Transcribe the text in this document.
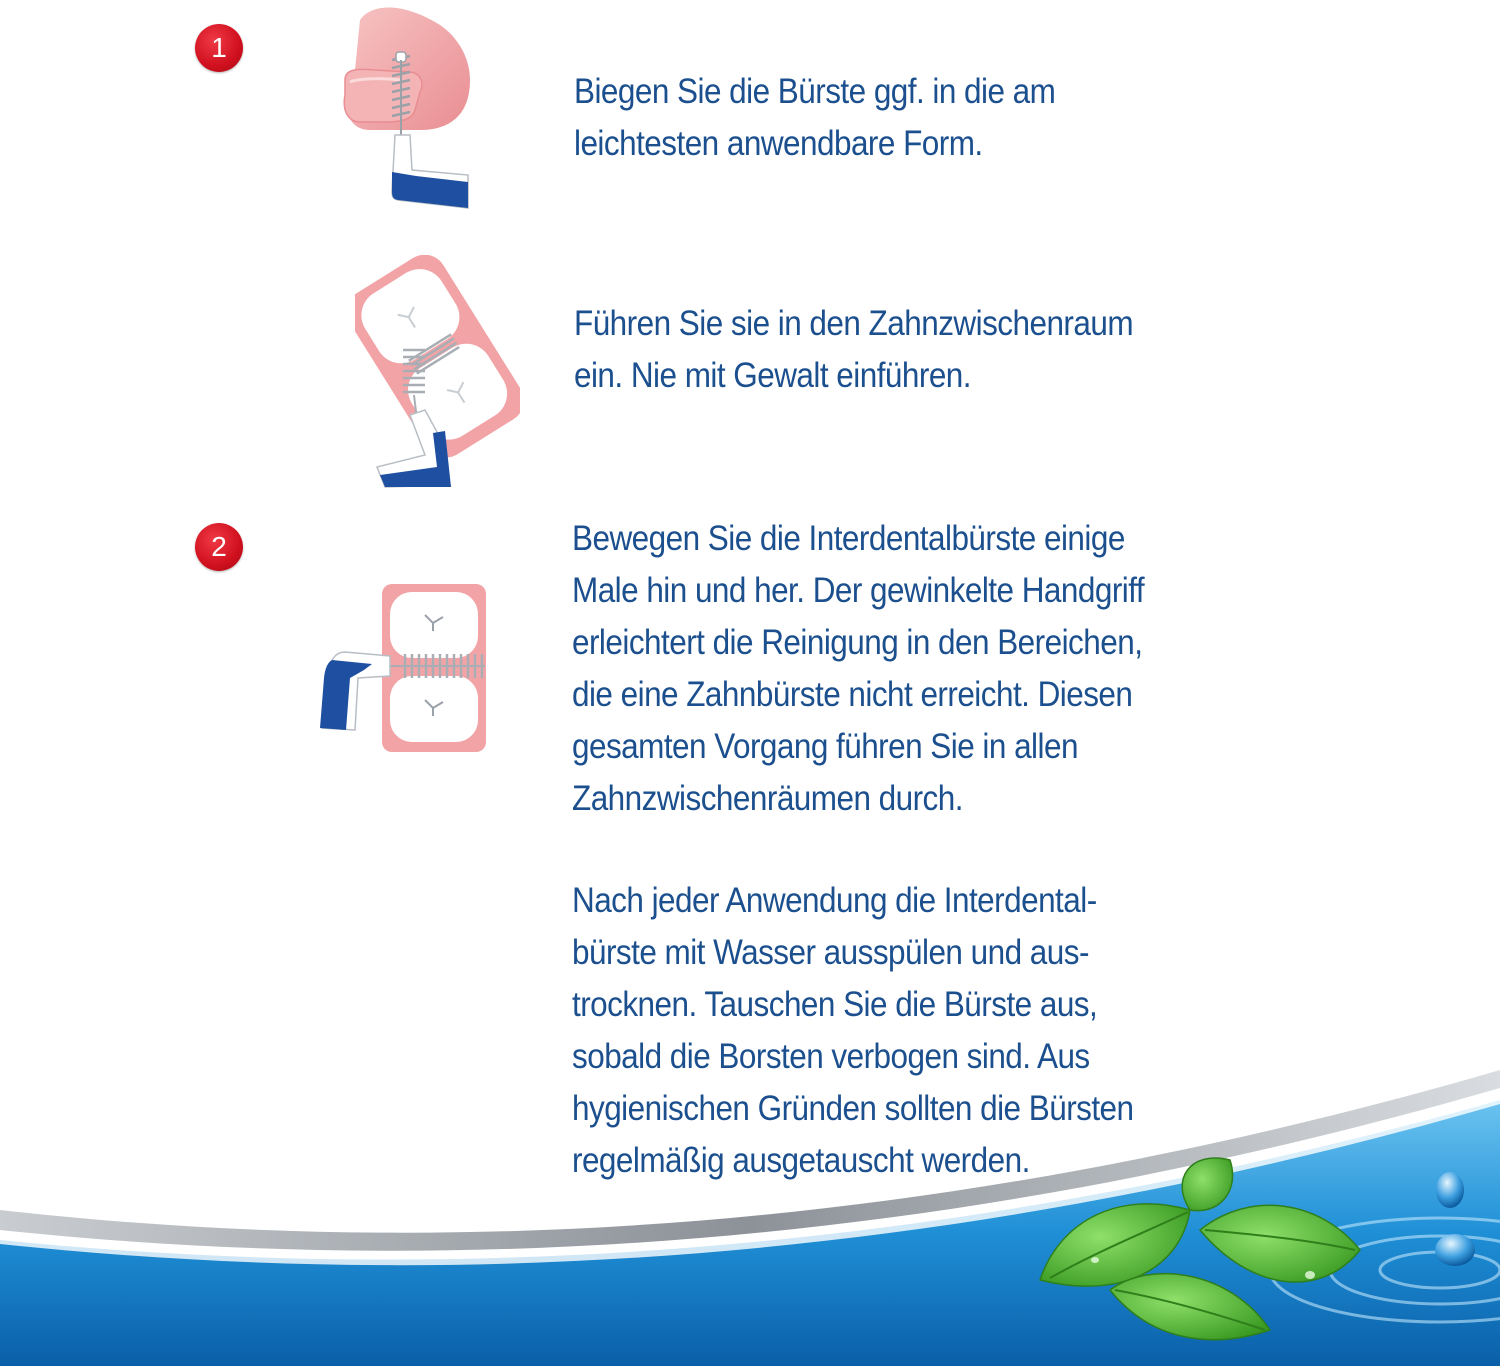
1
2

Biegen Sie die Bürste ggf. in die am
leichtesten anwendbare Form.

Führen Sie sie in den Zahnzwischenraum
ein. Nie mit Gewalt einführen.

Bewegen Sie die Interdentalbürste einige
Male hin und her. Der gewinkelte Handgriff
erleichtert die Reinigung in den Bereichen,
die eine Zahnbürste nicht erreicht. Diesen
gesamten Vorgang führen Sie in allen
Zahnzwischenräumen durch.

Nach jeder Anwendung die Interdental-
bürste mit Wasser ausspülen und aus-
trocknen. Tauschen Sie die Bürste aus,
sobald die Borsten verbogen sind. Aus
hygienischen Gründen sollten die Bürsten
regelmäßig ausgetauscht werden.
